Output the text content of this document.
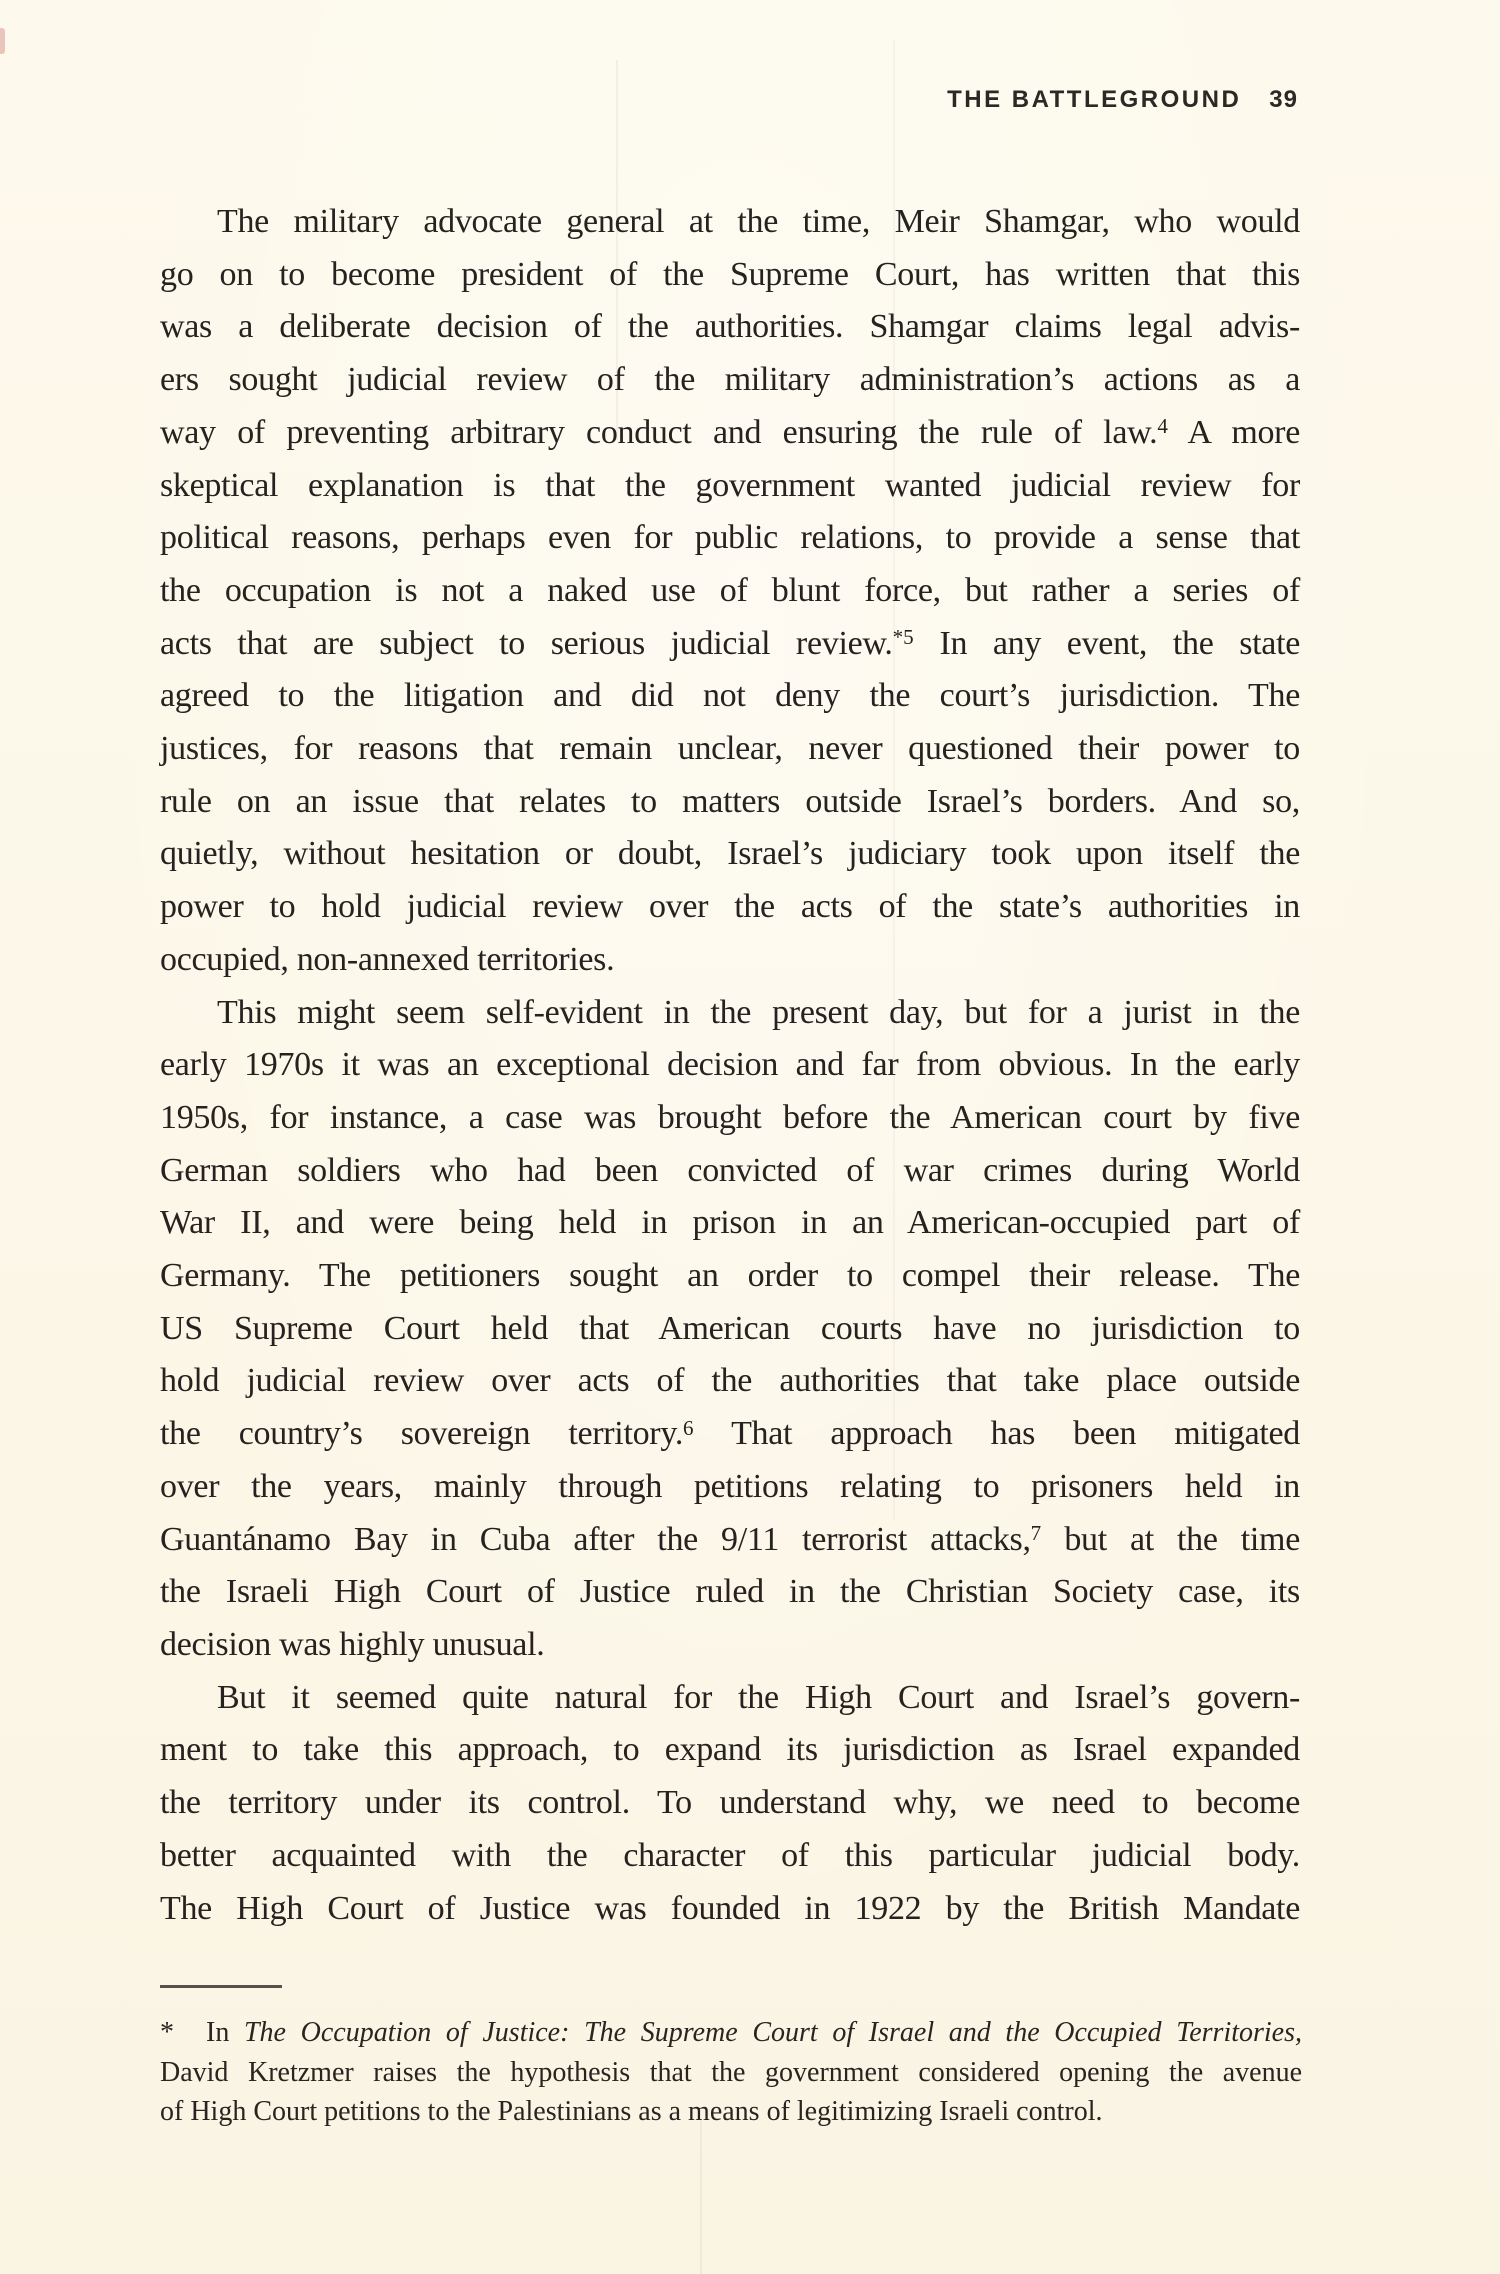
THE BATTLEGROUND 39
The military advocate general at the time, Meir Shamgar, who would
go on to become president of the Supreme Court, has written that this
was a deliberate decision of the authorities. Shamgar claims legal advis-
ers sought judicial review of the military administration’s actions as a
way of preventing arbitrary conduct and ensuring the rule of law.$^4$ A more
skeptical explanation is that the government wanted judicial review for
political reasons, perhaps even for public relations, to provide a sense that
the occupation is not a naked use of blunt force, but rather a series of
acts that are subject to serious judicial review.$^{*5}$ In any event, the state
agreed to the litigation and did not deny the court’s jurisdiction. The
justices, for reasons that remain unclear, never questioned their power to
rule on an issue that relates to matters outside Israel’s borders. And so,
quietly, without hesitation or doubt, Israel’s judiciary took upon itself the
power to hold judicial review over the acts of the state’s authorities in
occupied, non-annexed territories.
This might seem self-evident in the present day, but for a jurist in the
early 1970s it was an exceptional decision and far from obvious. In the early
1950s, for instance, a case was brought before the American court by five
German soldiers who had been convicted of war crimes during World
War II, and were being held in prison in an American-occupied part of
Germany. The petitioners sought an order to compel their release. The
US Supreme Court held that American courts have no jurisdiction to
hold judicial review over acts of the authorities that take place outside
the country’s sovereign territory.$^6$ That approach has been mitigated
over the years, mainly through petitions relating to prisoners held in
Guantánamo Bay in Cuba after the 9/11 terrorist attacks,$^7$ but at the time
the Israeli High Court of Justice ruled in the Christian Society case, its
decision was highly unusual.
But it seemed quite natural for the High Court and Israel’s govern-
ment to take this approach, to expand its jurisdiction as Israel expanded
the territory under its control. To understand why, we need to become
better acquainted with the character of this particular judicial body.
The High Court of Justice was founded in 1922 by the British Mandate
* In The Occupation of Justice: The Supreme Court of Israel and the Occupied Territories,
David Kretzmer raises the hypothesis that the government considered opening the avenue
of High Court petitions to the Palestinians as a means of legitimizing Israeli control.
